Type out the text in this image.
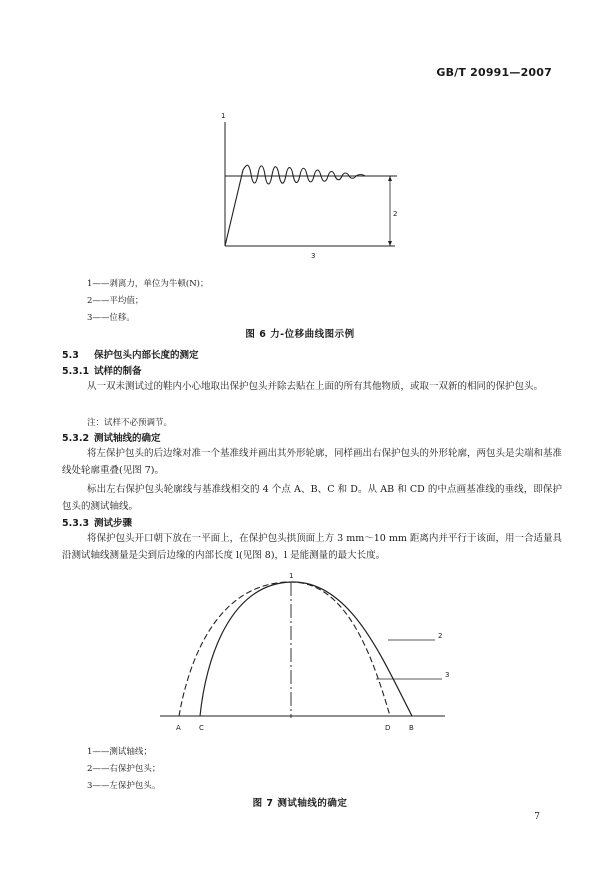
GB/T 20991—2007
1
2
3
1——剥离力，单位为牛顿(N)；
2——平均值；
3——位移。
图 6 力-位移曲线图示例
5.3 保护包头内部长度的测定
5.3.1 试样的制备
从一双未测试过的鞋内小心地取出保护包头并除去贴在上面的所有其他物质，或取一双新的相同的保护包头。
注：试样不必预调节。
5.3.2 测试轴线的确定
将左保护包头的后边缘对准一个基准线并画出其外形轮廓，同样画出右保护包头的外形轮廓，两包头是尖端和基准线处轮廓重叠(见图 7)。
标出左右保护包头轮廓线与基准线相交的 4 个点 A、B、C 和 D。从 AB 和 CD 的中点画基准线的垂线，即保护包头的测试轴线。
5.3.3 测试步骤
将保护包头开口朝下放在一平面上，在保护包头拱顶面上方 3 mm～10 mm 距离内并平行于该面，用一合适量具沿测试轴线测量是尖到后边缘的内部长度 l(见图 8)，l 是能测量的最大长度。
1
2
3
A	C	D	B
1——测试轴线；
2——右保护包头；
3——左保护包头。
图 7 测试轴线的确定
7
